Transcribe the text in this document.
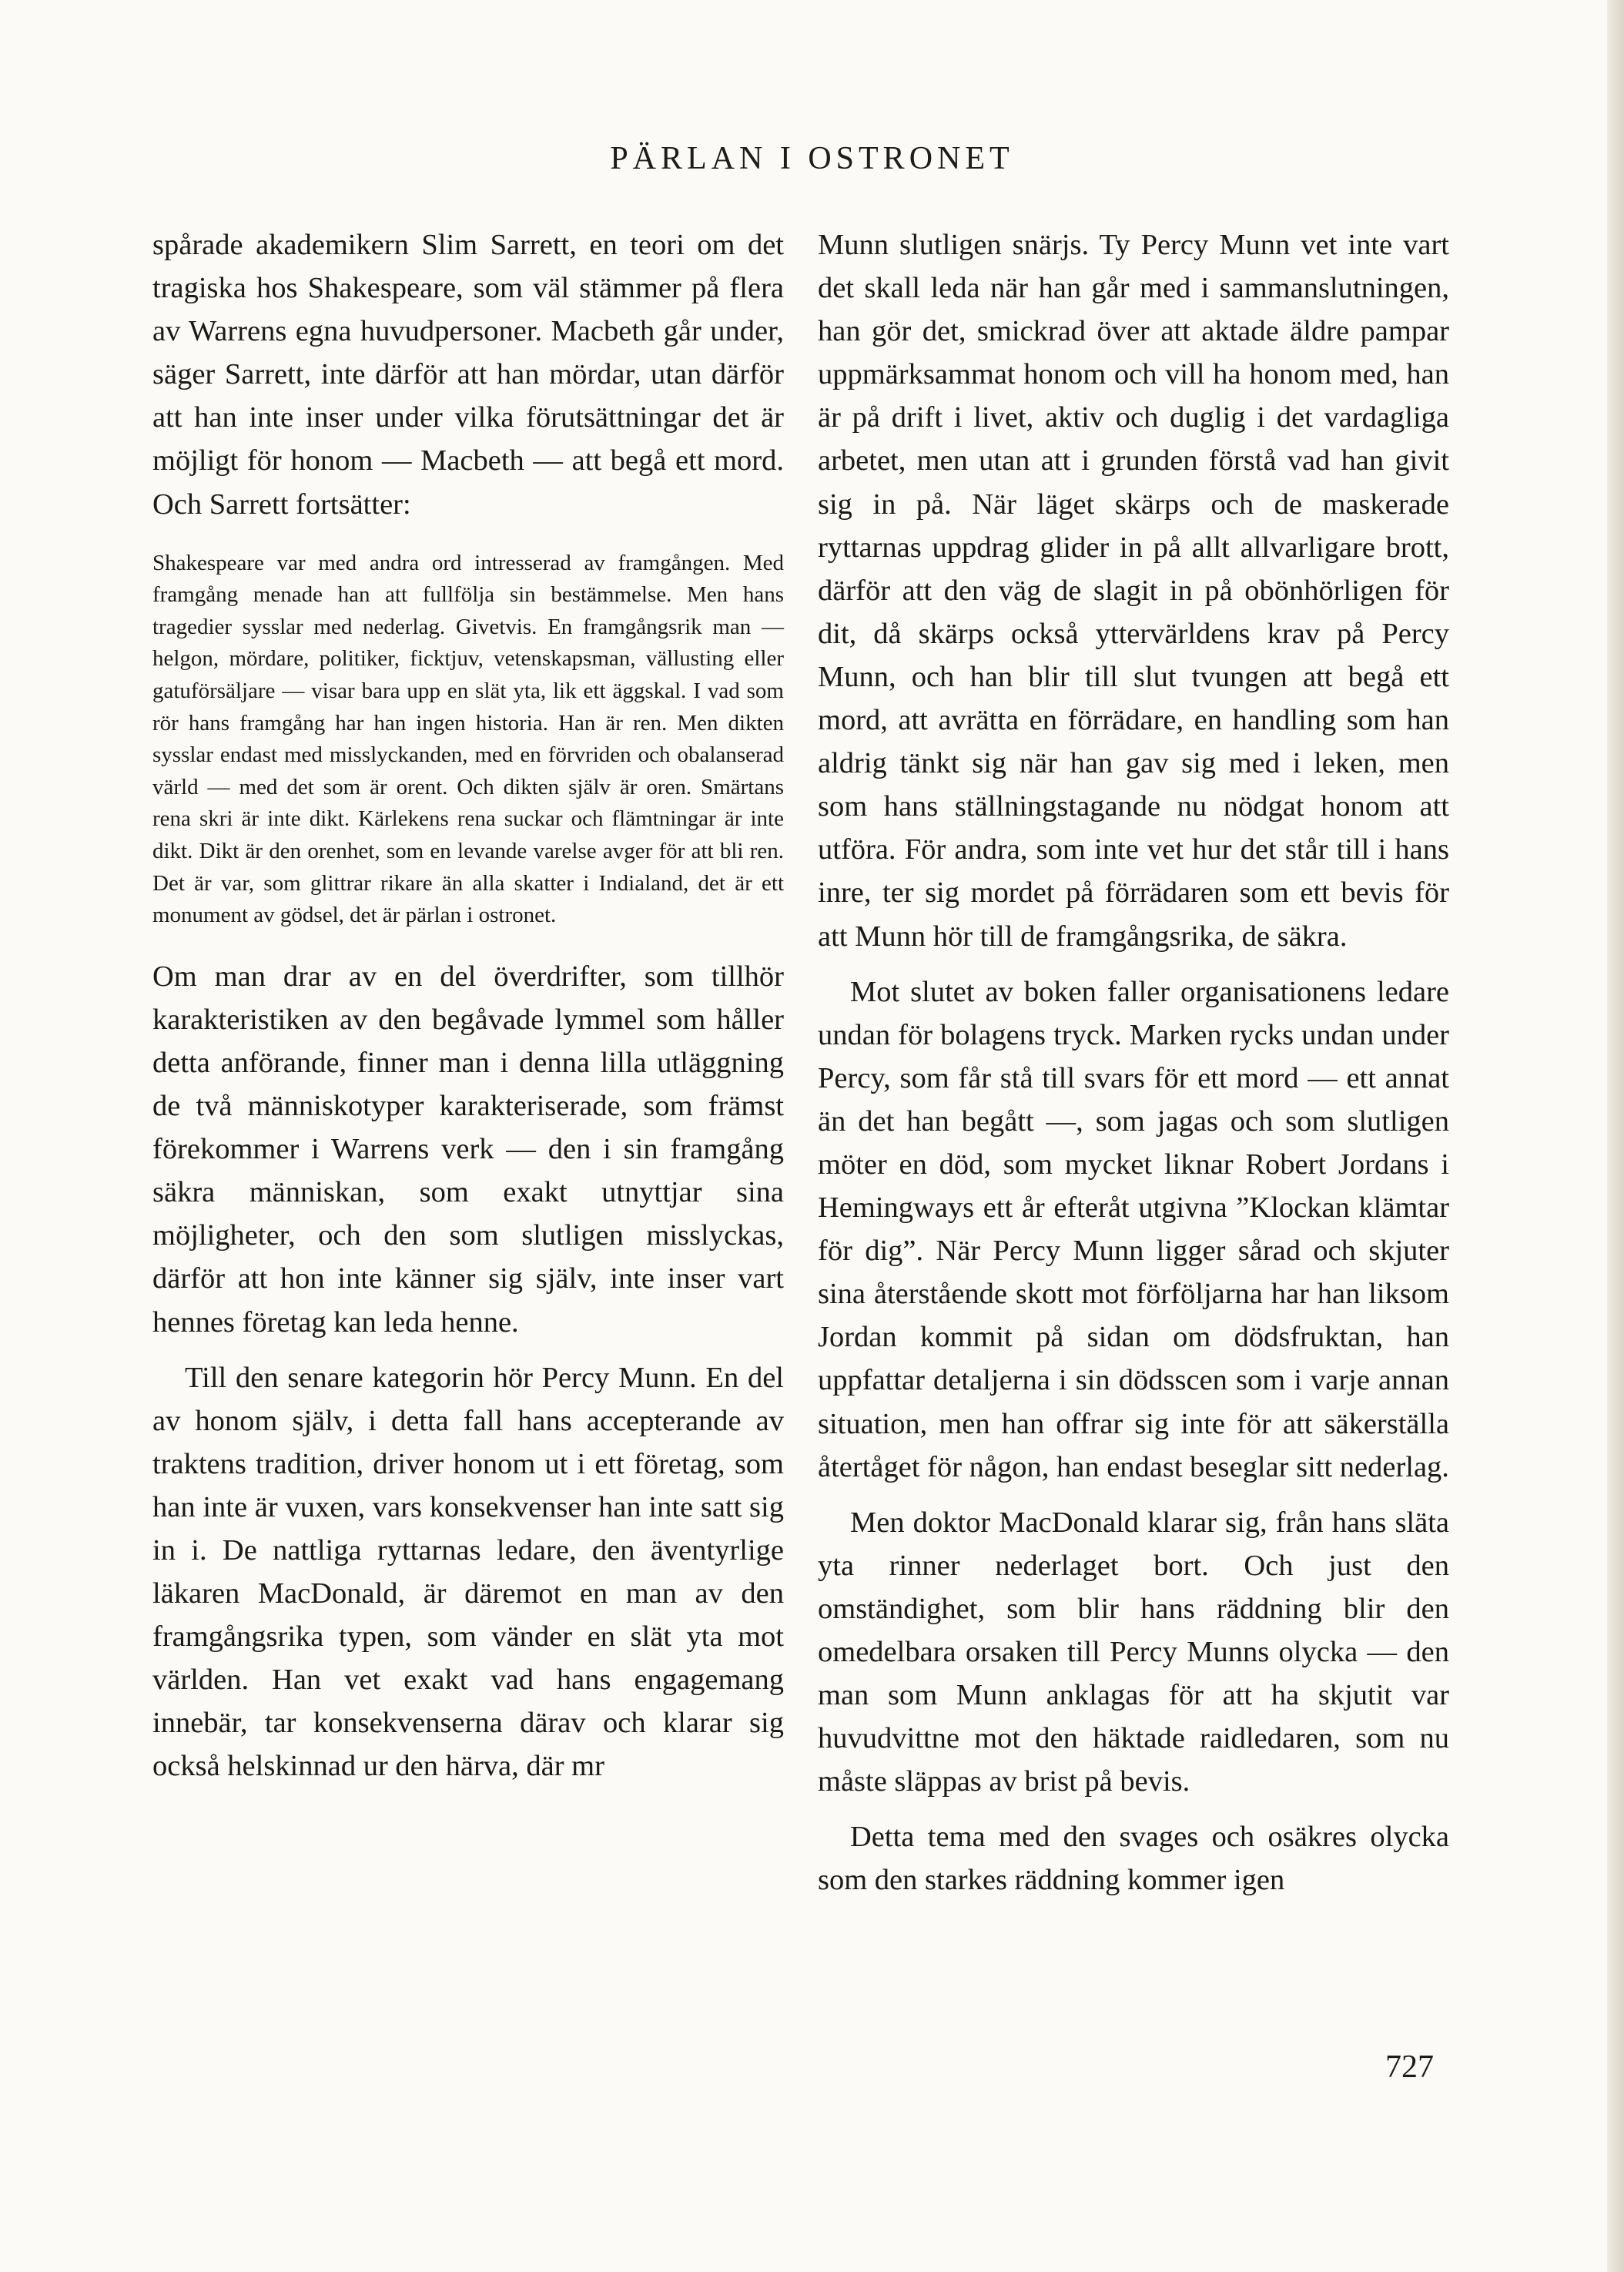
PÄRLAN I OSTRONET

spårade akademikern Slim Sarrett, en teori om det tragiska hos Shakespeare, som väl stämmer på flera av Warrens egna huvudpersoner. Macbeth går under, säger Sarrett, inte därför att han mördar, utan därför att han inte inser under vilka förutsättningar det är möjligt för honom — Macbeth — att begå ett mord. Och Sarrett fortsätter:

Shakespeare var med andra ord intresserad av framgången. Med framgång menade han att fullfölja sin bestämmelse. Men hans tragedier sysslar med nederlag. Givetvis. En framgångsrik man — helgon, mördare, politiker, ficktjuv, vetenskapsman, vällusting eller gatuförsäljare — visar bara upp en slät yta, lik ett äggskal. I vad som rör hans framgång har han ingen historia. Han är ren. Men dikten sysslar endast med misslyckanden, med en förvriden och obalanserad värld — med det som är orent. Och dikten själv är oren. Smärtans rena skri är inte dikt. Kärlekens rena suckar och flämtningar är inte dikt. Dikt är den orenhet, som en levande varelse avger för att bli ren. Det är var, som glittrar rikare än alla skatter i Indialand, det är ett monument av gödsel, det är pärlan i ostronet.

Om man drar av en del överdrifter, som tillhör karakteristiken av den begåvade lymmel som håller detta anförande, finner man i denna lilla utläggning de två människotyper karakteriserade, som främst förekommer i Warrens verk — den i sin framgång säkra människan, som exakt utnyttjar sina möjligheter, och den som slutligen misslyckas, därför att hon inte känner sig själv, inte inser vart hennes företag kan leda henne.

Till den senare kategorin hör Percy Munn. En del av honom själv, i detta fall hans accepterande av traktens tradition, driver honom ut i ett företag, som han inte är vuxen, vars konsekvenser han inte satt sig in i. De nattliga ryttarnas ledare, den äventyrlige läkaren MacDonald, är däremot en man av den framgångsrika typen, som vänder en slät yta mot världen. Han vet exakt vad hans engagemang innebär, tar konsekvenserna därav och klarar sig också helskinnad ur den härva, där mr

Munn slutligen snärjs. Ty Percy Munn vet inte vart det skall leda när han går med i sammanslutningen, han gör det, smickrad över att aktade äldre pampar uppmärksammat honom och vill ha honom med, han är på drift i livet, aktiv och duglig i det vardagliga arbetet, men utan att i grunden förstå vad han givit sig in på. När läget skärps och de maskerade ryttarnas uppdrag glider in på allt allvarligare brott, därför att den väg de slagit in på obönhörligen för dit, då skärps också yttervärldens krav på Percy Munn, och han blir till slut tvungen att begå ett mord, att avrätta en förrädare, en handling som han aldrig tänkt sig när han gav sig med i leken, men som hans ställningstagande nu nödgat honom att utföra. För andra, som inte vet hur det står till i hans inre, ter sig mordet på förrädaren som ett bevis för att Munn hör till de framgångsrika, de säkra.

Mot slutet av boken faller organisationens ledare undan för bolagens tryck. Marken rycks undan under Percy, som får stå till svars för ett mord — ett annat än det han begått —, som jagas och som slutligen möter en död, som mycket liknar Robert Jordans i Hemingways ett år efteråt utgivna ”Klockan klämtar för dig”. När Percy Munn ligger sårad och skjuter sina återstående skott mot förföljarna har han liksom Jordan kommit på sidan om dödsfruktan, han uppfattar detaljerna i sin dödsscen som i varje annan situation, men han offrar sig inte för att säkerställa återtåget för någon, han endast beseglar sitt nederlag.

Men doktor MacDonald klarar sig, från hans släta yta rinner nederlaget bort. Och just den omständighet, som blir hans räddning blir den omedelbara orsaken till Percy Munns olycka — den man som Munn anklagas för att ha skjutit var huvudvittne mot den häktade raidledaren, som nu måste släppas av brist på bevis.

Detta tema med den svages och osäkres olycka som den starkes räddning kommer igen

727
